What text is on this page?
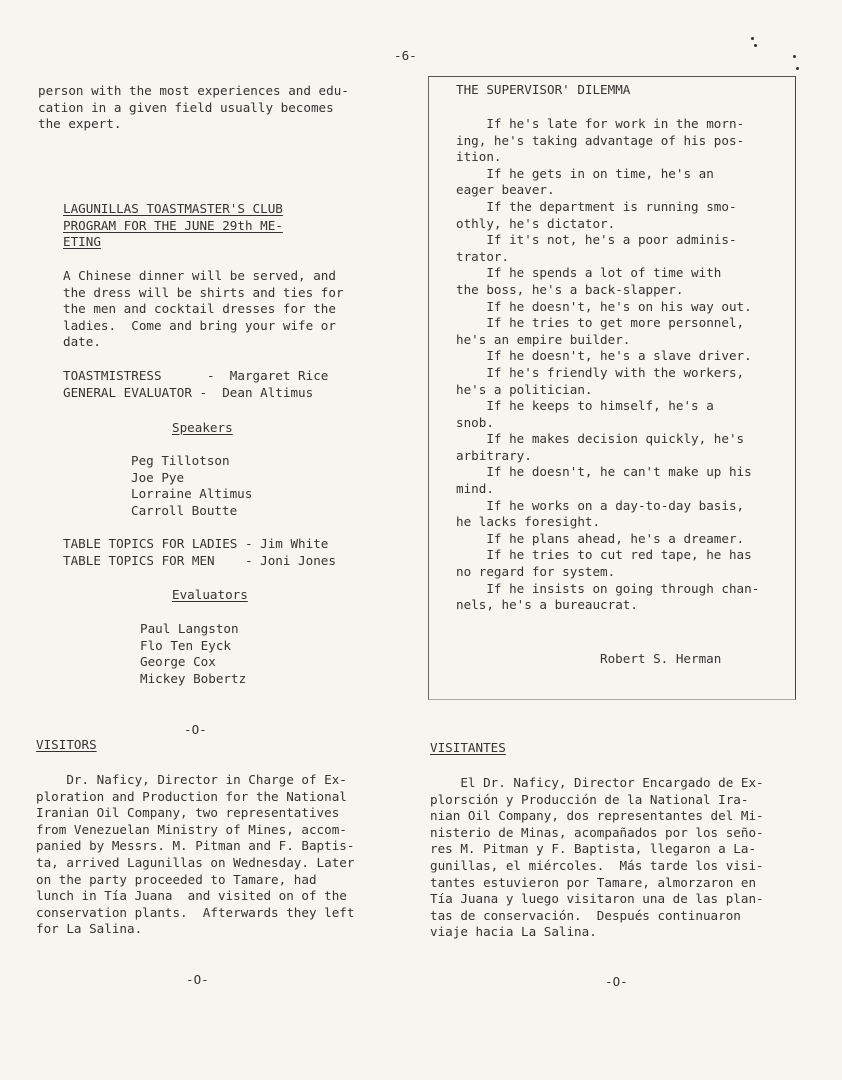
-6-
person with the most experiences and edu-
cation in a given field usually becomes
the expert.
LAGUNILLAS TOASTMASTER'S CLUB
PROGRAM FOR THE JUNE 29th ME-
ETING
A Chinese dinner will be served, and
the dress will be shirts and ties for
the men and cocktail dresses for the
ladies.  Come and bring your wife or
date.
TOASTMISTRESS      -  Margaret Rice
GENERAL EVALUATOR -  Dean Altimus
Speakers
Peg Tillotson
Joe Pye
Lorraine Altimus
Carroll Boutte
TABLE TOPICS FOR LADIES - Jim White
TABLE TOPICS FOR MEN    - Joni Jones
Evaluators
Paul Langston
Flo Ten Eyck
George Cox
Mickey Bobertz
-O-
VISITORS
Dr. Naficy, Director in Charge of Ex-
ploration and Production for the National
Iranian Oil Company, two representatives
from Venezuelan Ministry of Mines, accom-
panied by Messrs. M. Pitman and F. Baptis-
ta, arrived Lagunillas on Wednesday. Later
on the party proceeded to Tamare, had
lunch in Tía Juana  and visited on of the
conservation plants.  Afterwards they left
for La Salina.
-O-
THE SUPERVISOR' DILEMMA
If he's late for work in the morn-
ing, he's taking advantage of his pos-
ition.
If he gets in on time, he's an
eager beaver.
If the department is running smo-
othly, he's dictator.
If it's not, he's a poor adminis-
trator.
If he spends a lot of time with
the boss, he's a back-slapper.
If he doesn't, he's on his way out.
If he tries to get more personnel,
he's an empire builder.
If he doesn't, he's a slave driver.
If he's friendly with the workers,
he's a politician.
If he keeps to himself, he's a
snob.
If he makes decision quickly, he's
arbitrary.
If he doesn't, he can't make up his
mind.
If he works on a day-to-day basis,
he lacks foresight.
If he plans ahead, he's a dreamer.
If he tries to cut red tape, he has
no regard for system.
If he insists on going through chan-
nels, he's a bureaucrat.
Robert S. Herman
VISITANTES
El Dr. Naficy, Director Encargado de Ex-
plorsción y Producción de la National Ira-
nian Oil Company, dos representantes del Mi-
nisterio de Minas, acompañados por los seño-
res M. Pitman y F. Baptista, llegaron a La-
gunillas, el miércoles.  Más tarde los visi-
tantes estuvieron por Tamare, almorzaron en
Tía Juana y luego visitaron una de las plan-
tas de conservación.  Después continuaron
viaje hacia La Salina.
-O-
